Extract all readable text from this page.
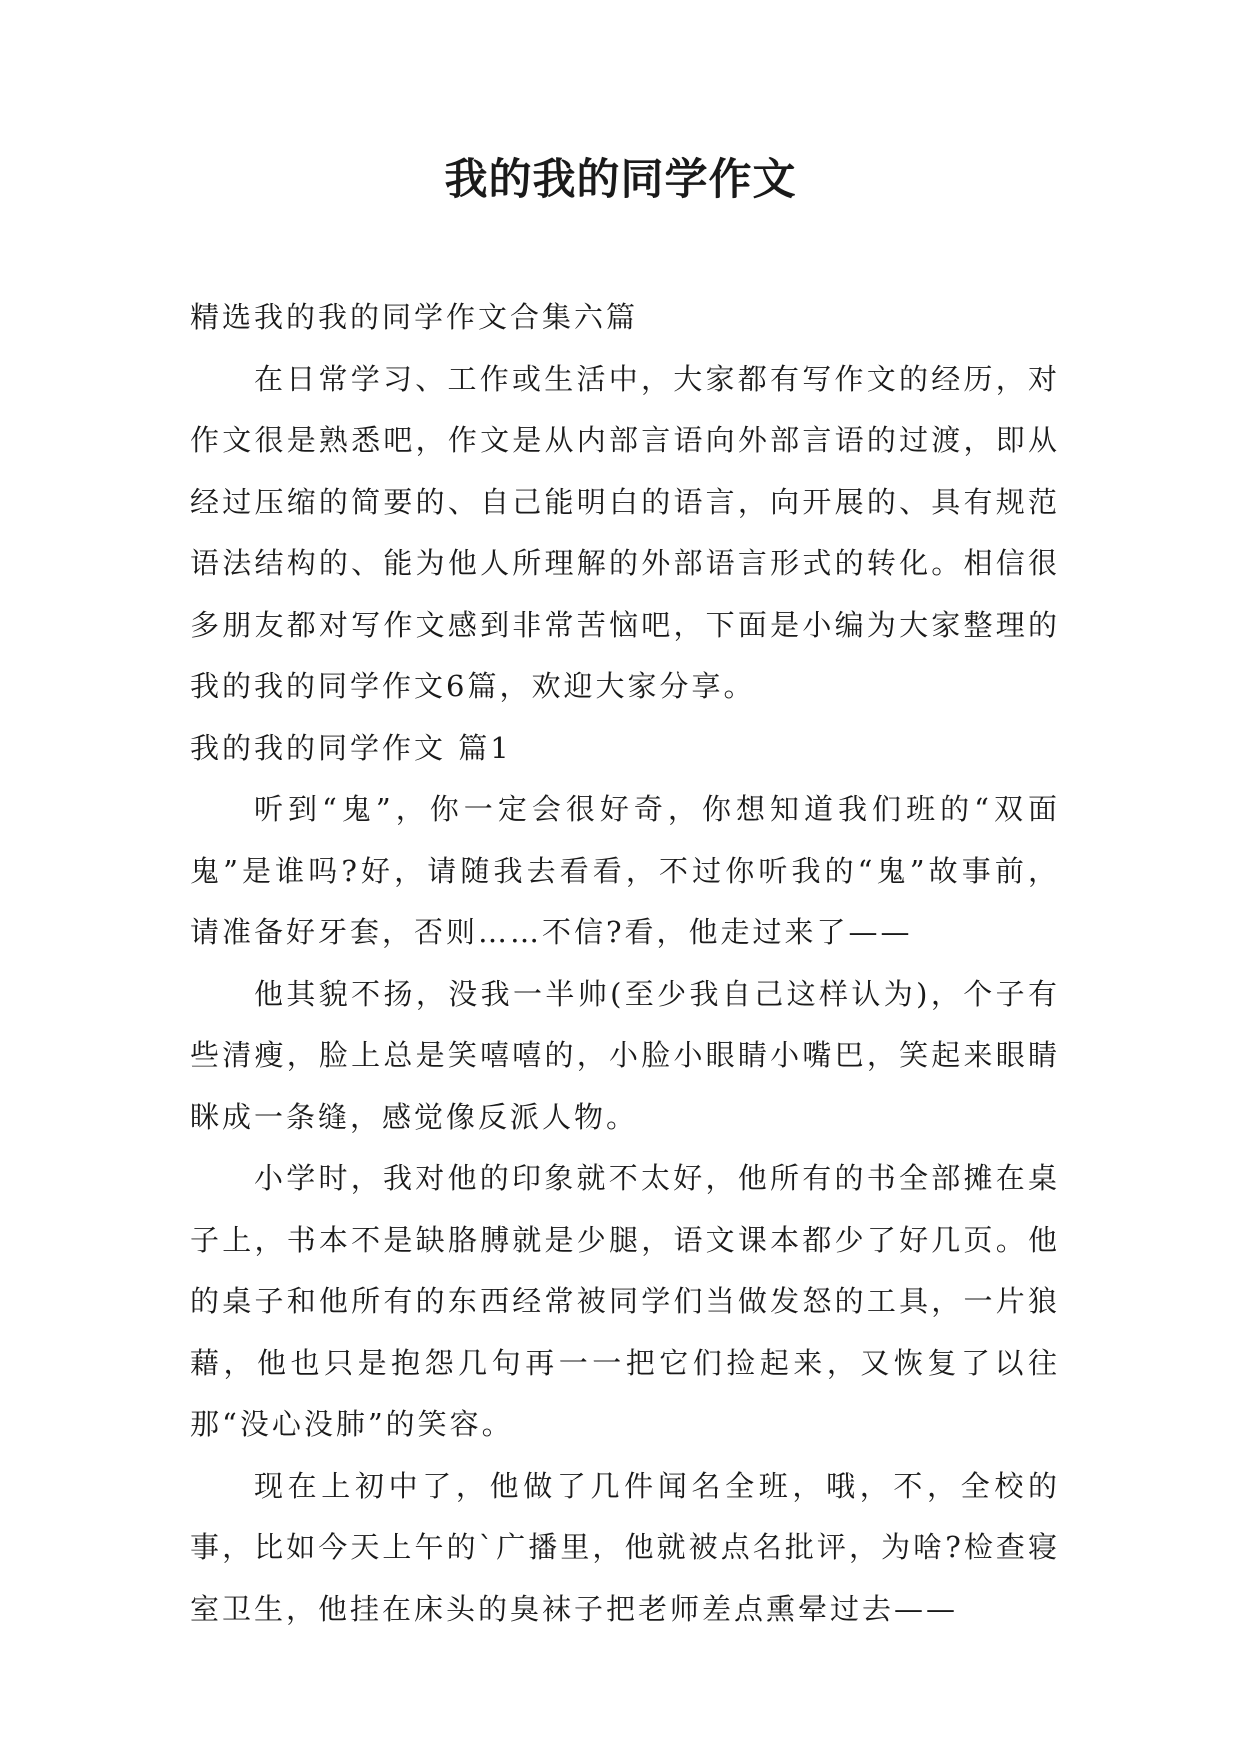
我的我的同学作文

精选我的我的同学作文合集六篇

在日常学习、工作或生活中，大家都有写作文的经历，对作文很是熟悉吧，作文是从内部言语向外部言语的过渡，即从经过压缩的简要的、自己能明白的语言，向开展的、具有规范语法结构的、能为他人所理解的外部语言形式的转化。相信很多朋友都对写作文感到非常苦恼吧，下面是小编为大家整理的我的我的同学作文6篇，欢迎大家分享。

我的我的同学作文 篇1

听到“鬼”，你一定会很好奇，你想知道我们班的“双面鬼”是谁吗?好，请随我去看看，不过你听我的“鬼”故事前，请准备好牙套，否则……不信?看，他走过来了——

他其貌不扬，没我一半帅(至少我自己这样认为)，个子有些清瘦，脸上总是笑嘻嘻的，小脸小眼睛小嘴巴，笑起来眼睛眯成一条缝，感觉像反派人物。

小学时，我对他的印象就不太好，他所有的书全部摊在桌子上，书本不是缺胳膊就是少腿，语文课本都少了好几页。他的桌子和他所有的东西经常被同学们当做发怒的工具，一片狼藉，他也只是抱怨几句再一一把它们捡起来，又恢复了以往那“没心没肺”的笑容。

现在上初中了，他做了几件闻名全班，哦，不，全校的事，比如今天上午的`广播里，他就被点名批评，为啥?检查寝室卫生，他挂在床头的臭袜子把老师差点熏晕过去——
